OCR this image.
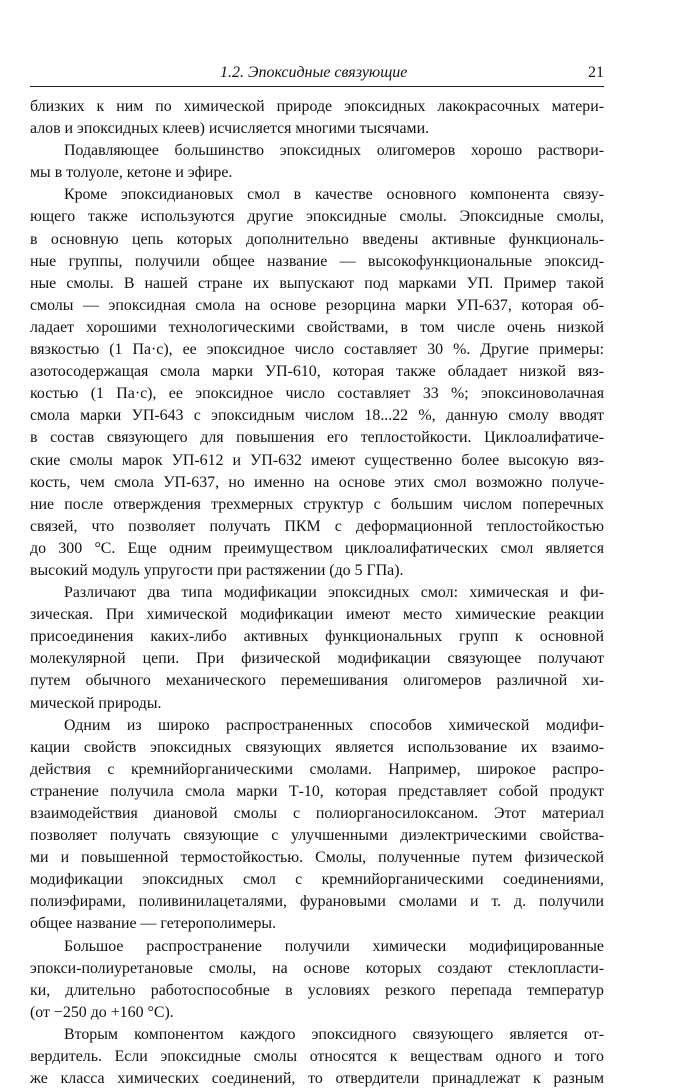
1.2. Эпоксидные связующие	21
близких к ним по химической природе эпоксидных лакокрасочных матери-
алов и эпоксидных клеев) исчисляется многими тысячами.
Подавляющее большинство эпоксидных олигомеров хорошо раствори-
мы в толуоле, кетоне и эфире.
Кроме эпоксидиановых смол в качестве основного компонента связу-
ющего также используются другие эпоксидные смолы. Эпоксидные смолы,
в основную цепь которых дополнительно введены активные функциональ-
ные группы, получили общее название — высокофункциональные эпоксид-
ные смолы. В нашей стране их выпускают под марками УП. Пример такой
смолы — эпоксидная смола на основе резорцина марки УП-637, которая об-
ладает хорошими технологическими свойствами, в том числе очень низкой
вязкостью (1 Па·с), ее эпоксидное число составляет 30 %. Другие примеры:
азотосодержащая смола марки УП-610, которая также обладает низкой вяз-
костью (1 Па·с), ее эпоксидное число составляет 33 %; эпоксиноволачная
смола марки УП-643 с эпоксидным числом 18...22 %, данную смолу вводят
в состав связующего для повышения его теплостойкости. Циклоалифатиче-
ские смолы марок УП-612 и УП-632 имеют существенно более высокую вяз-
кость, чем смола УП-637, но именно на основе этих смол возможно получе-
ние после отверждения трехмерных структур с большим числом поперечных
связей, что позволяет получать ПКМ с деформационной теплостойкостью
до 300 °С. Еще одним преимуществом циклоалифатических смол является
высокий модуль упругости при растяжении (до 5 ГПа).
Различают два типа модификации эпоксидных смол: химическая и фи-
зическая. При химической модификации имеют место химические реакции
присоединения каких-либо активных функциональных групп к основной
молекулярной цепи. При физической модификации связующее получают
путем обычного механического перемешивания олигомеров различной хи-
мической природы.
Одним из широко распространенных способов химической модифи-
кации свойств эпоксидных связующих является использование их взаимо-
действия с кремнийорганическими смолами. Например, широкое распро-
странение получила смола марки Т-10, которая представляет собой продукт
взаимодействия диановой смолы с полиорганосилоксаном. Этот материал
позволяет получать связующие с улучшенными диэлектрическими свойства-
ми и повышенной термостойкостью. Смолы, полученные путем физической
модификации эпоксидных смол с кремнийорганическими соединениями,
полиэфирами, поливинилацеталями, фурановыми смолами и т. д. получили
общее название — гетерополимеры.
Большое распространение получили химически модифицированные
эпокси-полиуретановые смолы, на основе которых создают стеклопласти-
ки, длительно работоспособные в условиях резкого перепада температур
(от −250 до +160 °С).
Вторым компонентом каждого эпоксидного связующего является от-
вердитель. Если эпоксидные смолы относятся к веществам одного и того
же класса химических соединений, то отвердители принадлежат к разным
